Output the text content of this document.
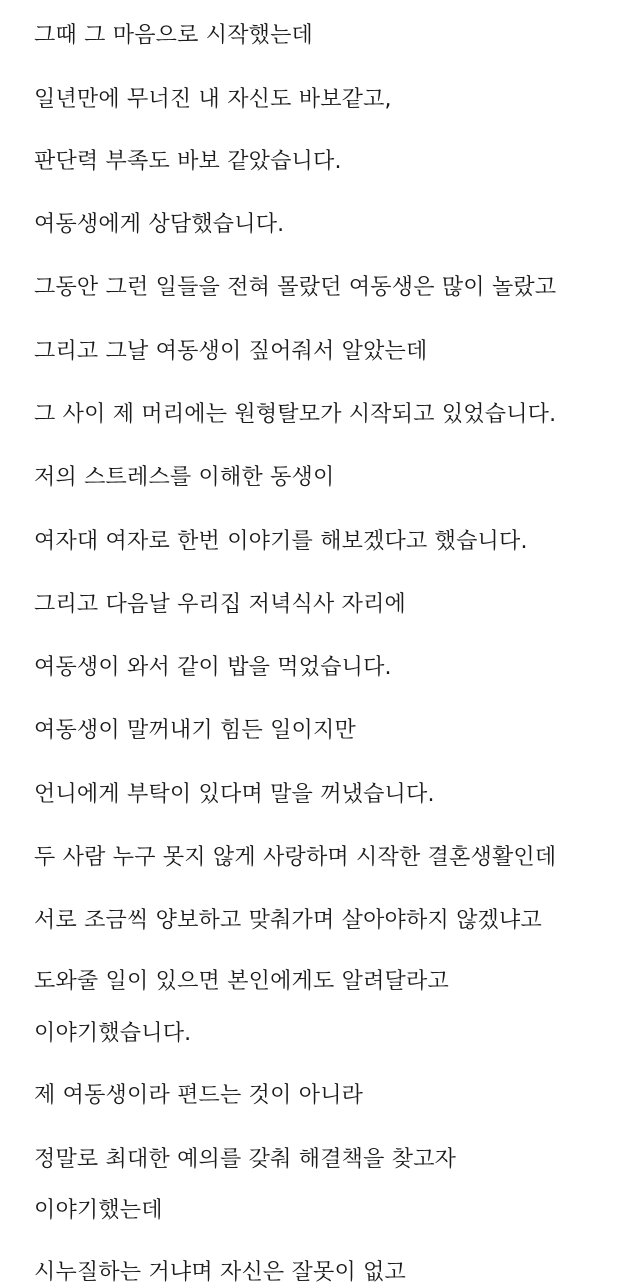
그때 그 마음으로 시작했는데
일년만에 무너진 내 자신도 바보같고,
판단력 부족도 바보 같았습니다.
여동생에게 상담했습니다.
그동안 그런 일들을 전혀 몰랐던 여동생은 많이 놀랐고
그리고 그날 여동생이 짚어줘서 알았는데
그 사이 제 머리에는 원형탈모가 시작되고 있었습니다.
저의 스트레스를 이해한 동생이
여자대 여자로 한번 이야기를 해보겠다고 했습니다.
그리고 다음날 우리집 저녁식사 자리에
여동생이 와서 같이 밥을 먹었습니다.
여동생이 말꺼내기 힘든 일이지만
언니에게 부탁이 있다며 말을 꺼냈습니다.
두 사람 누구 못지 않게 사랑하며 시작한 결혼생활인데
서로 조금씩 양보하고 맞춰가며 살아야하지 않겠냐고
도와줄 일이 있으면 본인에게도 알려달라고
이야기했습니다.
제 여동생이라 편드는 것이 아니라
정말로 최대한 예의를 갖춰 해결책을 찾고자
이야기했는데
시누질하는 거냐며 자신은 잘못이 없고
